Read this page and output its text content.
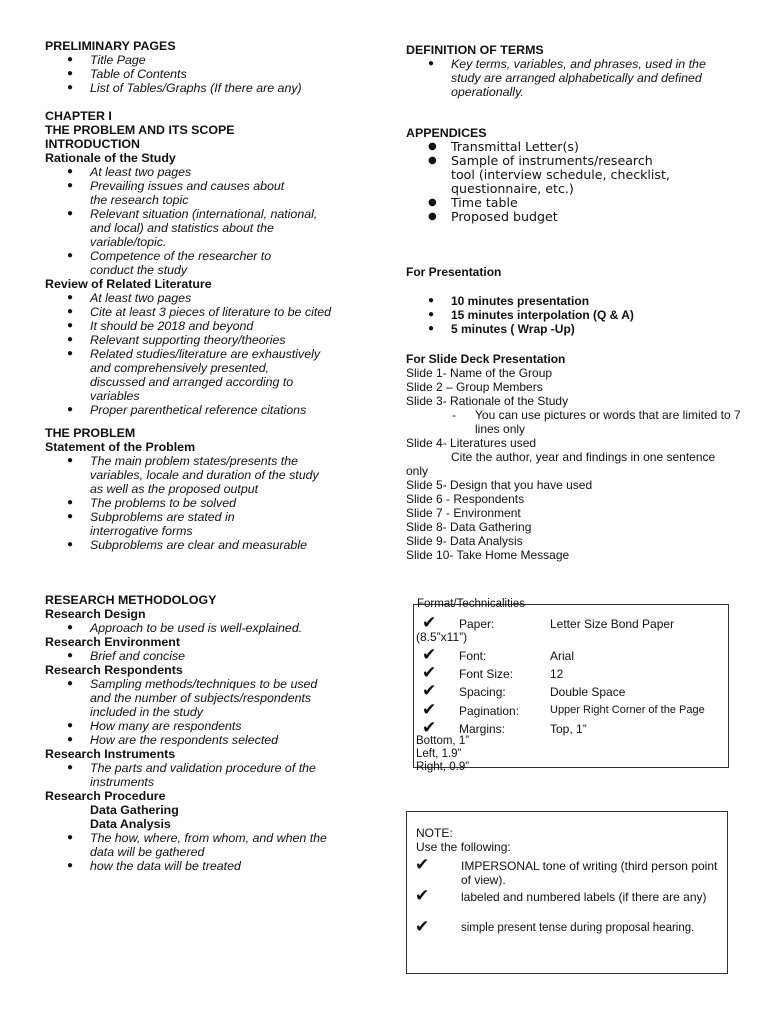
PRELIMINARY PAGES
● Title Page
● Table of Contents
● List of Tables/Graphs (If there are any)
CHAPTER I
THE PROBLEM AND ITS SCOPE
INTRODUCTION
Rationale of the Study
● At least two pages
● Prevailing issues and causes about the research topic
● Relevant situation (international, national, and local) and statistics about the variable/topic.
● Competence of the researcher to conduct the study
Review of Related Literature
● At least two pages
● Cite at least 3 pieces of literature to be cited
● It should be 2018 and beyond
● Relevant supporting theory/theories
● Related studies/literature are exhaustively and comprehensively presented, discussed and arranged according to variables
● Proper parenthetical reference citations
THE PROBLEM
Statement of the Problem
● The main problem states/presents the variables, locale and duration of the study as well as the proposed output
● The problems to be solved
● Subproblems are stated in interrogative forms
● Subproblems are clear and measurable
RESEARCH METHODOLOGY
Research Design
● Approach to be used is well-explained.
Research Environment
● Brief and concise
Research Respondents
● Sampling methods/techniques to be used and the number of subjects/respondents included in the study
● How many are respondents
● How are the respondents selected
Research Instruments
● The parts and validation procedure of the instruments
Research Procedure
Data Gathering
Data Analysis
● The how, where, from whom, and when the data will be gathered
● how the data will be treated
DEFINITION OF TERMS
● Key terms, variables, and phrases, used in the study are arranged alphabetically and defined operationally.
APPENDICES
● Transmittal Letter(s)
● Sample of instruments/research tool (interview schedule, checklist, questionnaire, etc.)
● Time table
● Proposed budget
For Presentation
● 10 minutes presentation
● 15 minutes interpolation (Q & A)
● 5 minutes ( Wrap -Up)
For Slide Deck Presentation
Slide 1- Name of the Group
Slide 2 – Group Members
Slide 3- Rationale of the Study
- You can use pictures or words that are limited to 7 lines only
Slide 4- Literatures used
Cite the author, year and findings in one sentence
only
Slide 5- Design that you have used
Slide 6 - Respondents
Slide 7 - Environment
Slide 8- Data Gathering
Slide 9- Data Analysis
Slide 10- Take Home Message
Format/Technicalities
✔ Paper:	Letter Size Bond Paper
(8.5”x11”)
✔ Font:	Arial
✔ Font Size:	12
✔ Spacing:	Double Space
✔ Pagination:	Upper Right Corner of the Page
✔ Margins:	Top, 1”
Bottom, 1”
Left, 1.9”
Right, 0.9”
NOTE:
Use the following:
✔	IMPERSONAL tone of writing (third person point of view).
✔	labeled and numbered labels (if there are any)
✔	simple present tense during proposal hearing.
